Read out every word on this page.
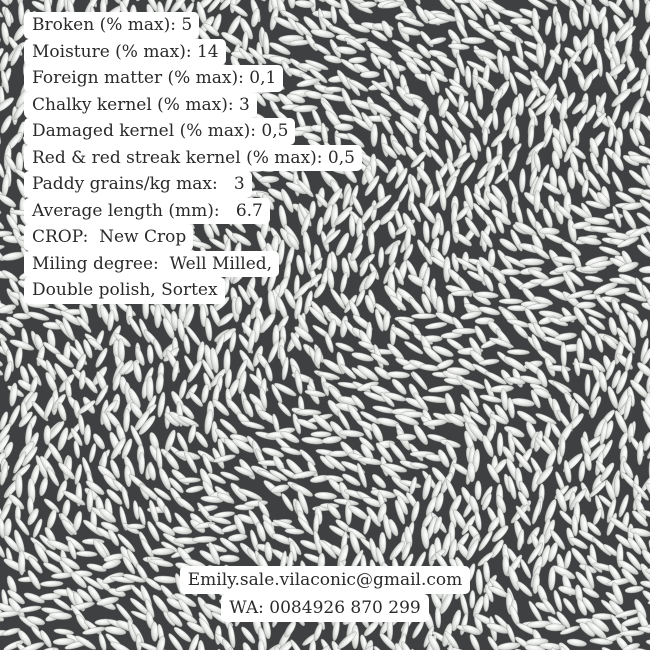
Broken (% max): 5
Moisture (% max): 14
Foreign matter (% max): 0,1
Chalky kernel (% max): 3
Damaged kernel (% max): 0,5
Red & red streak kernel (% max): 0,5
Paddy grains/kg max:   3
Average length (mm):   6.7
CROP:  New Crop
Miling degree:  Well Milled,
Double polish, Sortex
Emily.sale.vilaconic@gmail.com
WA: 0084926 870 299
